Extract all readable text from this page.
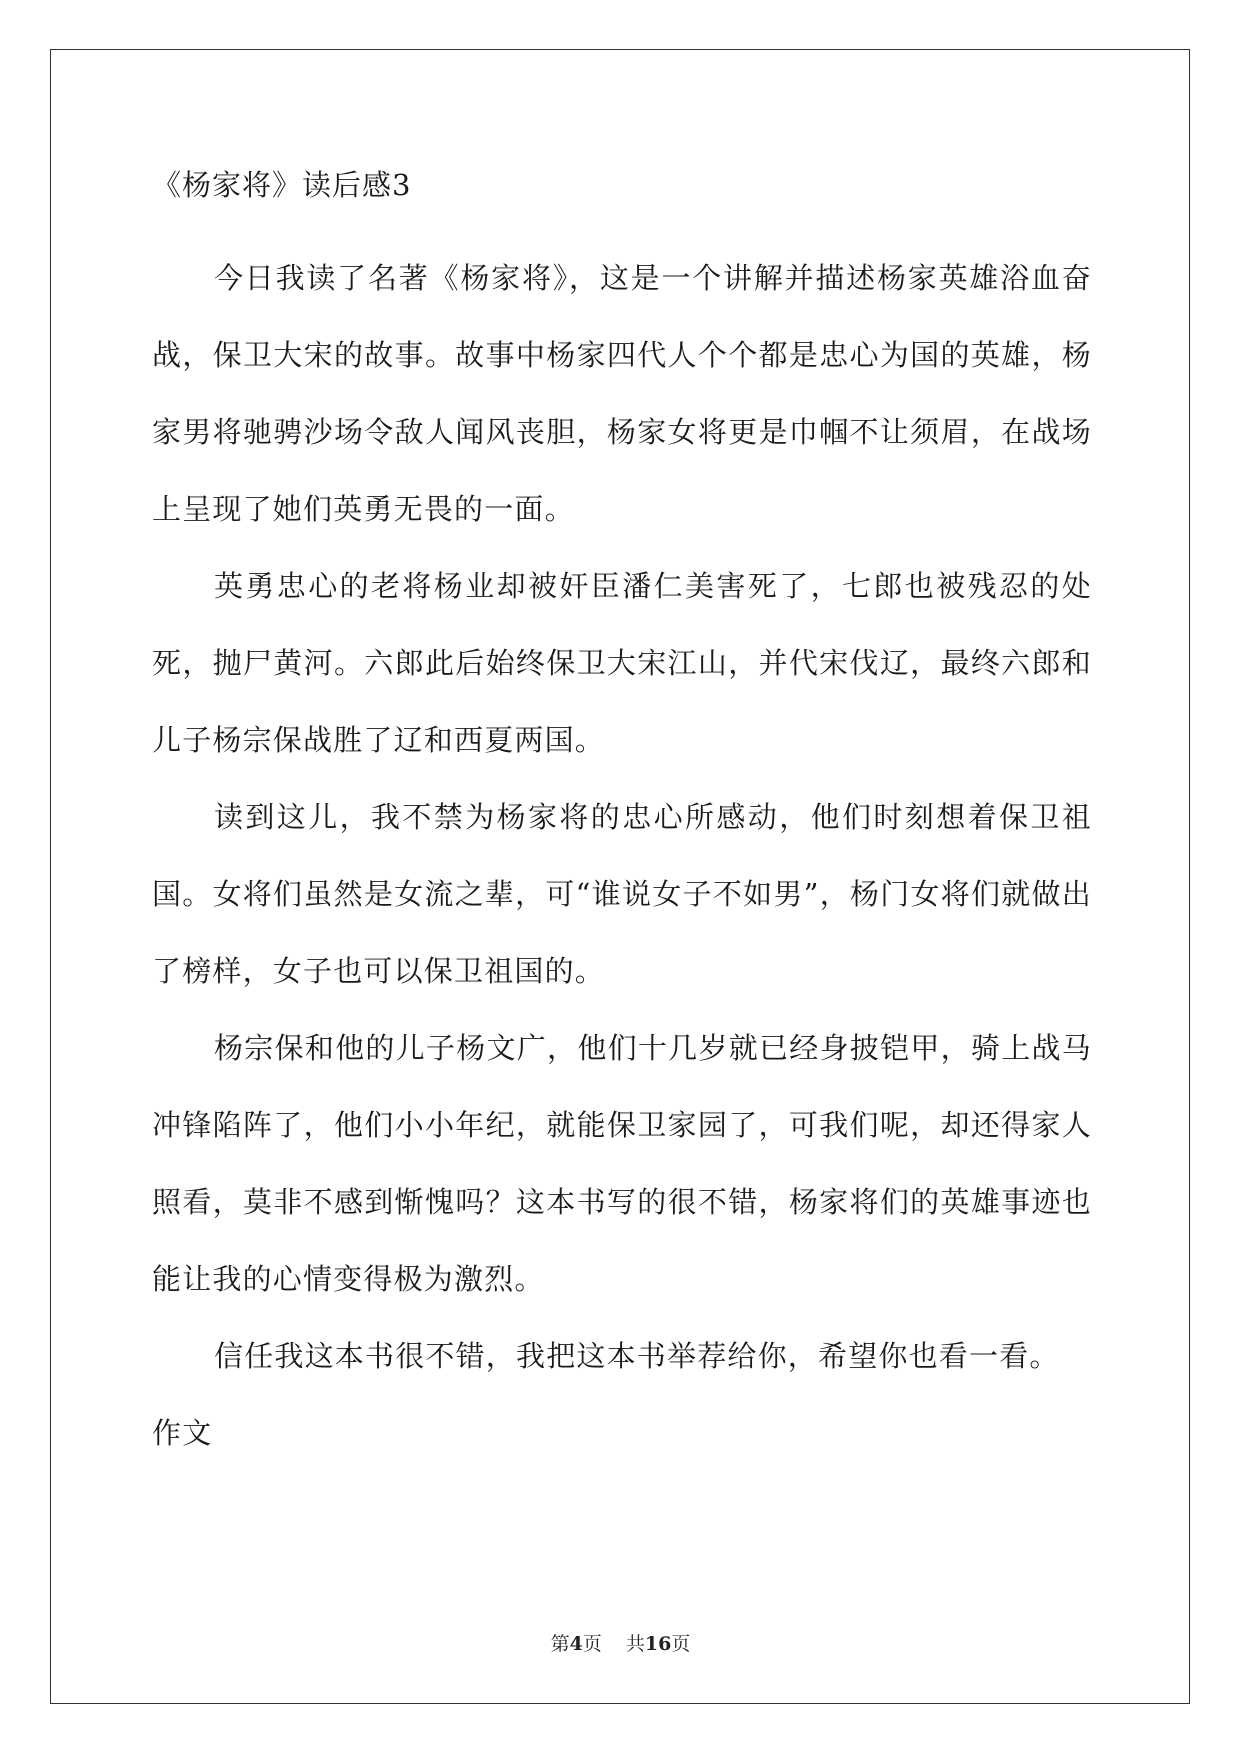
《杨家将》读后感3

今日我读了名著《杨家将》，这是一个讲解并描述杨家英雄浴血奋战，保卫大宋的故事。故事中杨家四代人个个都是忠心为国的英雄，杨家男将驰骋沙场令敌人闻风丧胆，杨家女将更是巾帼不让须眉，在战场上呈现了她们英勇无畏的一面。

英勇忠心的老将杨业却被奸臣潘仁美害死了，七郎也被残忍的处死，抛尸黄河。六郎此后始终保卫大宋江山，并代宋伐辽，最终六郎和儿子杨宗保战胜了辽和西夏两国。

读到这儿，我不禁为杨家将的忠心所感动，他们时刻想着保卫祖国。女将们虽然是女流之辈，可“谁说女子不如男”，杨门女将们就做出了榜样，女子也可以保卫祖国的。

杨宗保和他的儿子杨文广，他们十几岁就已经身披铠甲，骑上战马冲锋陷阵了，他们小小年纪，就能保卫家园了，可我们呢，却还得家人照看，莫非不感到惭愧吗？这本书写的很不错，杨家将们的英雄事迹也能让我的心情变得极为激烈。

信任我这本书很不错，我把这本书举荐给你，希望你也看一看。

作文

第4页 共16页
